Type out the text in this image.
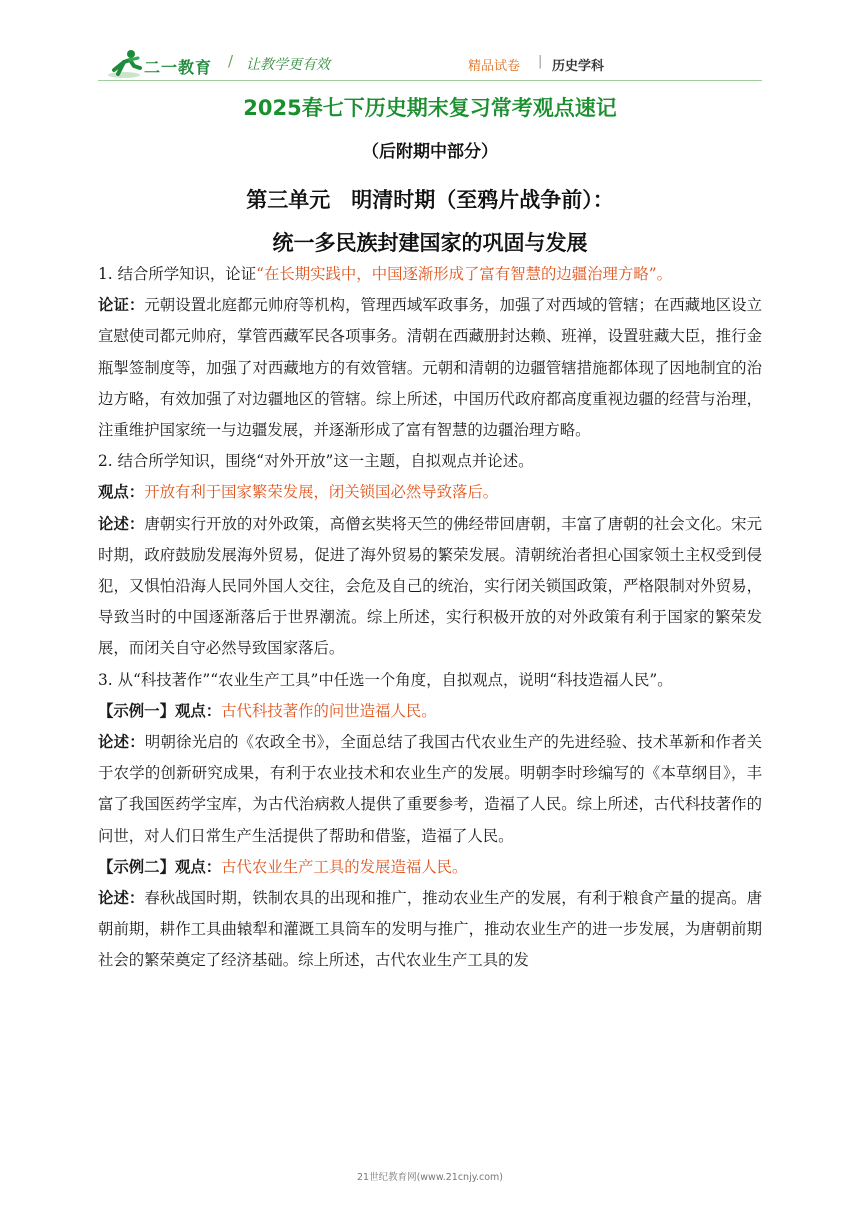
二一教育 / 让教学更有效	精品试卷 | 历史学科
2025春七下历史期末复习常考观点速记
（后附期中部分）
第三单元　明清时期（至鸦片战争前）：
统一多民族封建国家的巩固与发展

1. 结合所学知识，论证“在长期实践中，中国逐渐形成了富有智慧的边疆治理方略”。

论证：元朝设置北庭都元帅府等机构，管理西域军政事务，加强了对西域的管辖；在西藏地区设立宣慰使司都元帅府，掌管西藏军民各项事务。清朝在西藏册封达赖、班禅，设置驻藏大臣，推行金瓶掣签制度等，加强了对西藏地方的有效管辖。元朝和清朝的边疆管辖措施都体现了因地制宜的治边方略，有效加强了对边疆地区的管辖。综上所述，中国历代政府都高度重视边疆的经营与治理，注重维护国家统一与边疆发展，并逐渐形成了富有智慧的边疆治理方略。

2. 结合所学知识，围绕“对外开放”这一主题，自拟观点并论述。

观点：开放有利于国家繁荣发展，闭关锁国必然导致落后。

论述：唐朝实行开放的对外政策，高僧玄奘将天竺的佛经带回唐朝，丰富了唐朝的社会文化。宋元时期，政府鼓励发展海外贸易，促进了海外贸易的繁荣发展。清朝统治者担心国家领土主权受到侵犯，又惧怕沿海人民同外国人交往，会危及自己的统治，实行闭关锁国政策，严格限制对外贸易，导致当时的中国逐渐落后于世界潮流。综上所述，实行积极开放的对外政策有利于国家的繁荣发展，而闭关自守必然导致国家落后。

3. 从“科技著作”“农业生产工具”中任选一个角度，自拟观点，说明“科技造福人民”。

【示例一】观点：古代科技著作的问世造福人民。

论述：明朝徐光启的《农政全书》，全面总结了我国古代农业生产的先进经验、技术革新和作者关于农学的创新研究成果，有利于农业技术和农业生产的发展。明朝李时珍编写的《本草纲目》，丰富了我国医药学宝库，为古代治病救人提供了重要参考，造福了人民。综上所述，古代科技著作的问世，对人们日常生产生活提供了帮助和借鉴，造福了人民。

【示例二】观点：古代农业生产工具的发展造福人民。

论述：春秋战国时期，铁制农具的出现和推广，推动农业生产的发展，有利于粮食产量的提高。唐朝前期，耕作工具曲辕犁和灌溉工具筒车的发明与推广，推动农业生产的进一步发展，为唐朝前期社会的繁荣奠定了经济基础。综上所述，古代农业生产工具的发

21世纪教育网(www.21cnjy.com)
